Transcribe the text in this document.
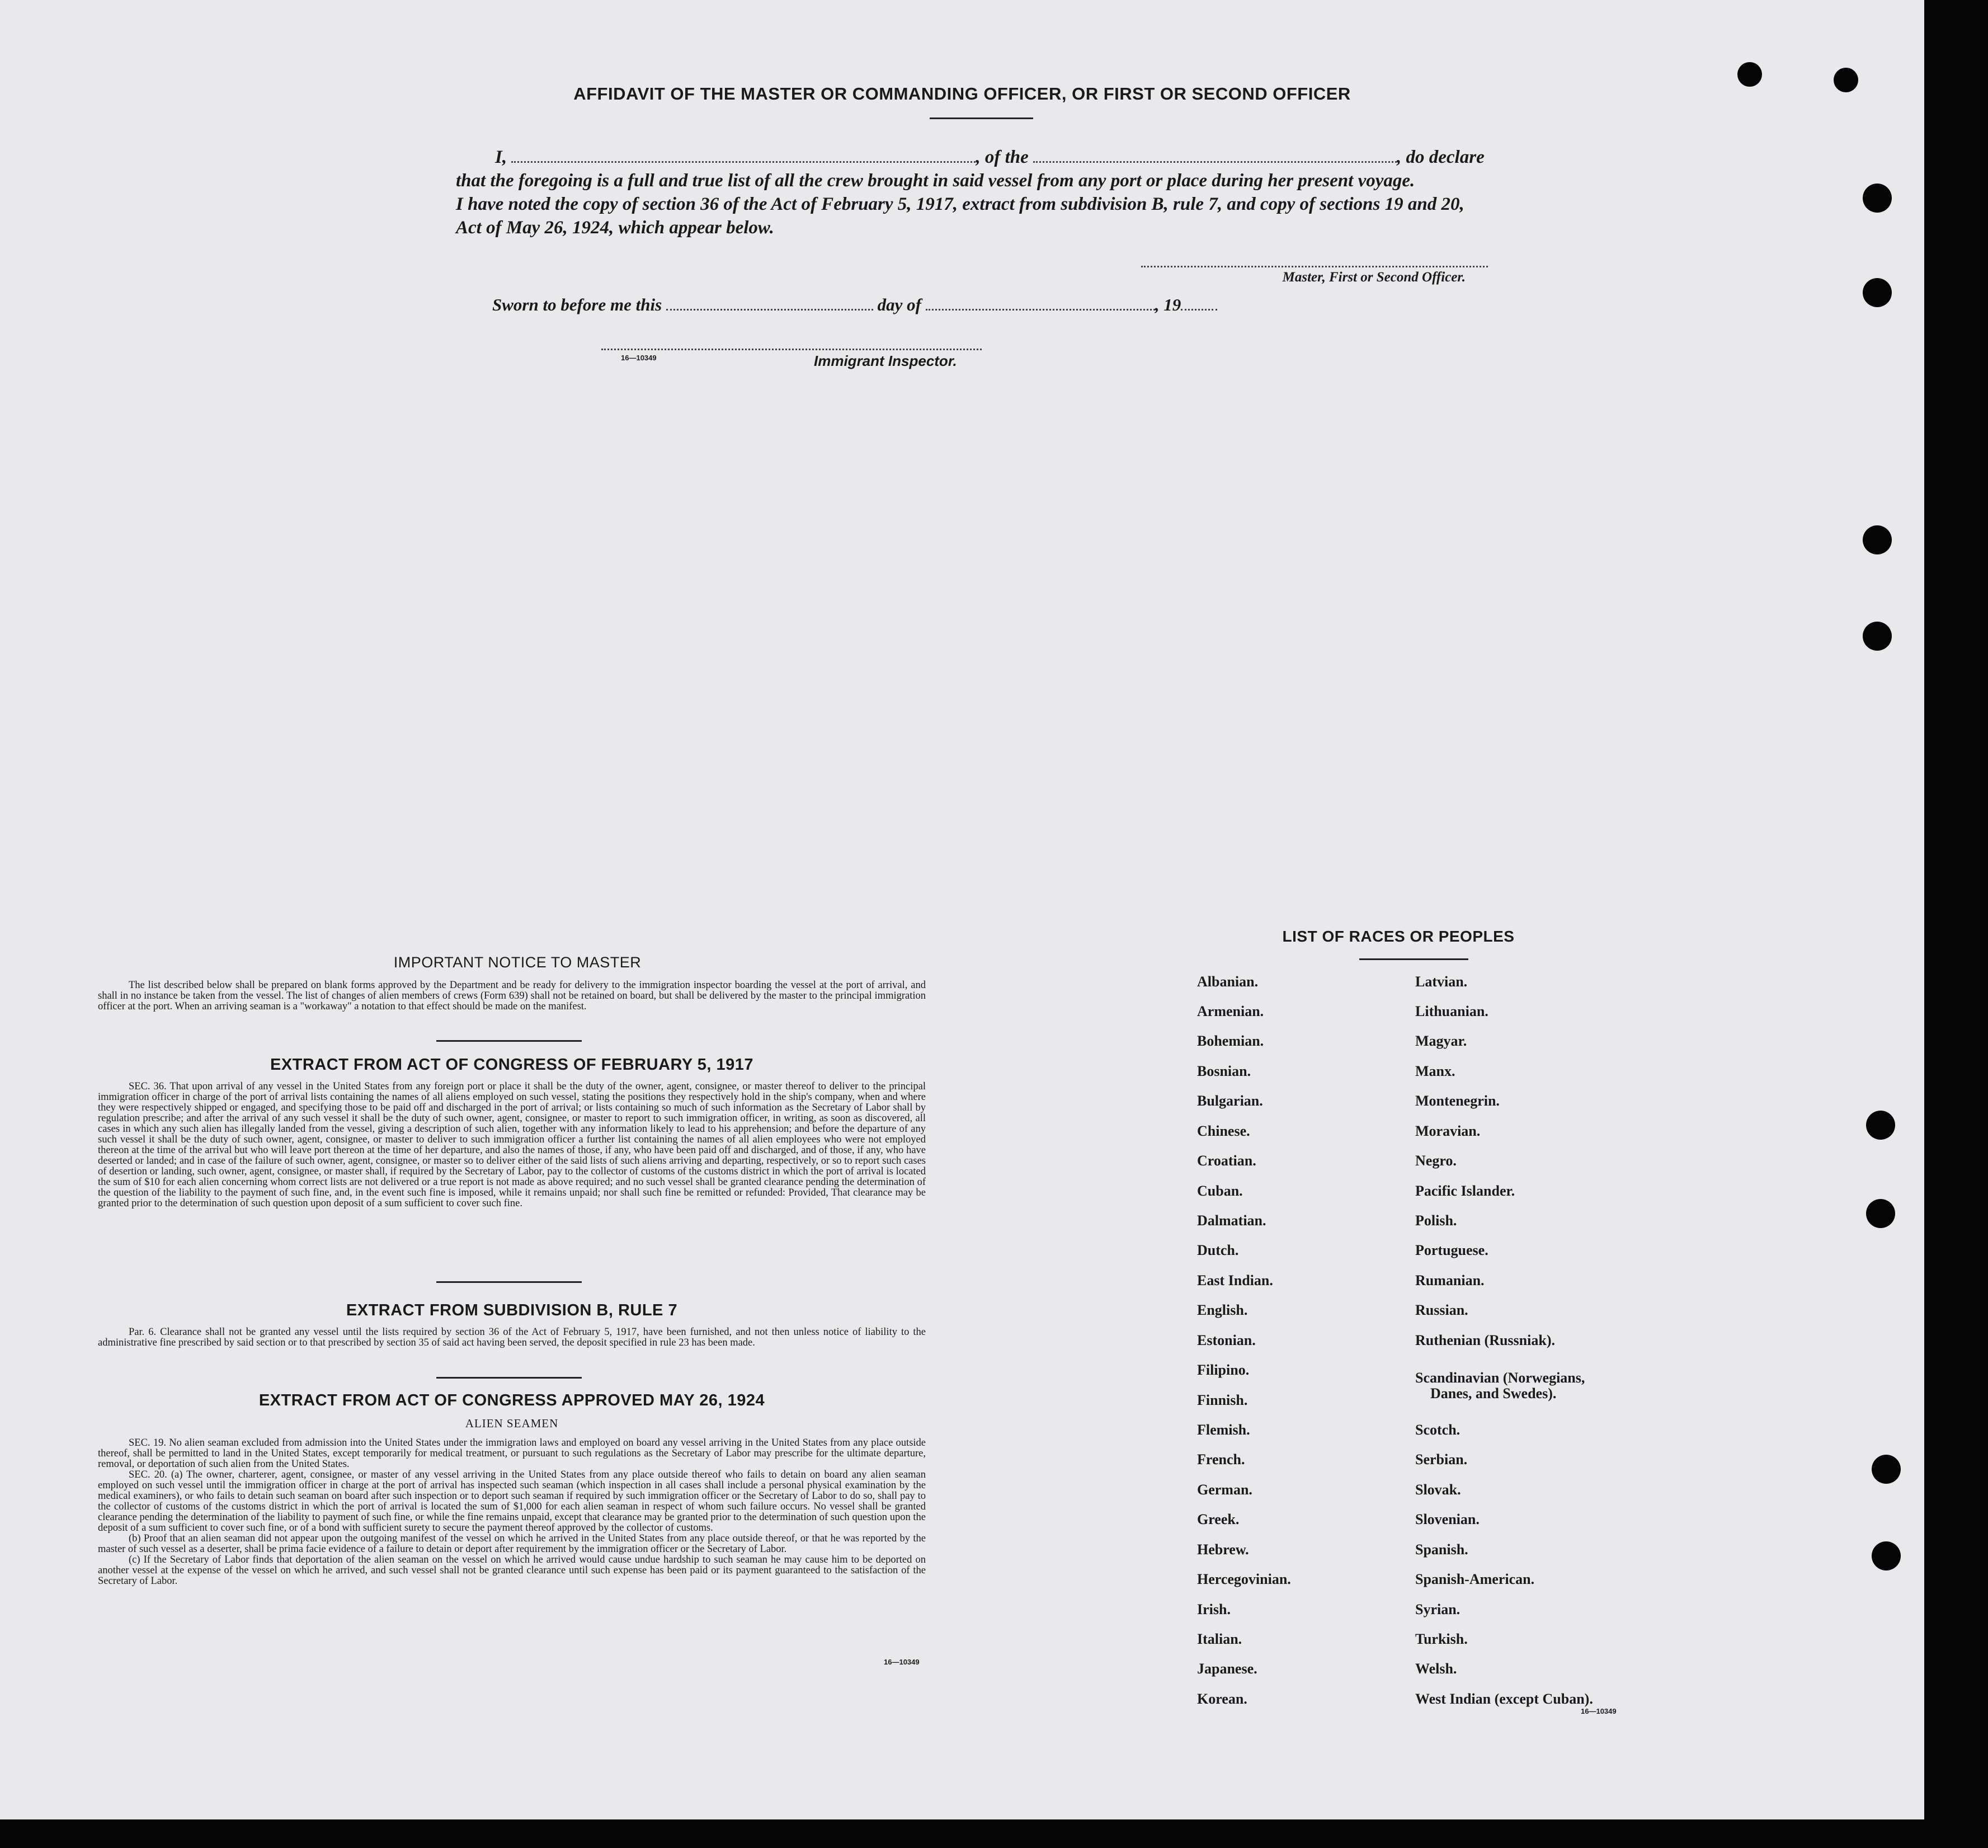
AFFIDAVIT OF THE MASTER OR COMMANDING OFFICER, OR FIRST OR SECOND OFFICER

I,	, of the	, do declare

that the foregoing is a full and true list of all the crew brought in said vessel from any port or place during her present voyage.

I have noted the copy of section 36 of the Act of February 5, 1917, extract from subdivision B, rule 7, and copy of sections 19 and 20,

Act of May 26, 1924, which appear below.

Master, First or Second Officer.
Sworn to before me this	day of	, 19
16—10349	Immigrant Inspector.
IMPORTANT NOTICE TO MASTER

The list described below shall be prepared on blank forms approved by the Department and be ready for delivery to the immigration inspector boarding the vessel at the port of arrival, and shall in no instance be taken from the vessel. The list of changes of alien members of crews (Form 639) shall not be retained on board, but shall be delivered by the master to the principal immigration officer at the port. When an arriving seaman is a "workaway" a notation to that effect should be made on the manifest.

EXTRACT FROM ACT OF CONGRESS OF FEBRUARY 5, 1917

SEC. 36. That upon arrival of any vessel in the United States from any foreign port or place it shall be the duty of the owner, agent, consignee, or master thereof to deliver to the principal immigration officer in charge of the port of arrival lists containing the names of all aliens employed on such vessel, stating the positions they respectively hold in the ship's company, when and where they were respectively shipped or engaged, and specifying those to be paid off and discharged in the port of arrival; or lists containing so much of such information as the Secretary of Labor shall by regulation prescribe; and after the arrival of any such vessel it shall be the duty of such owner, agent, consignee, or master to report to such immigration officer, in writing, as soon as discovered, all cases in which any such alien has illegally landed from the vessel, giving a description of such alien, together with any information likely to lead to his apprehension; and before the departure of any such vessel it shall be the duty of such owner, agent, consignee, or master to deliver to such immigration officer a further list containing the names of all alien employees who were not employed thereon at the time of the arrival but who will leave port thereon at the time of her departure, and also the names of those, if any, who have been paid off and discharged, and of those, if any, who have deserted or landed; and in case of the failure of such owner, agent, consignee, or master so to deliver either of the said lists of such aliens arriving and departing, respectively, or so to report such cases of desertion or landing, such owner, agent, consignee, or master shall, if required by the Secretary of Labor, pay to the collector of customs of the customs district in which the port of arrival is located the sum of $10 for each alien concerning whom correct lists are not delivered or a true report is not made as above required; and no such vessel shall be granted clearance pending the determination of the question of the liability to the payment of such fine, and, in the event such fine is imposed, while it remains unpaid; nor shall such fine be remitted or refunded: Provided, That clearance may be granted prior to the determination of such question upon deposit of a sum sufficient to cover such fine.

EXTRACT FROM SUBDIVISION B, RULE 7

Par. 6. Clearance shall not be granted any vessel until the lists required by section 36 of the Act of February 5, 1917, have been furnished, and not then unless notice of liability to the administrative fine prescribed by said section or to that prescribed by section 35 of said act having been served, the deposit specified in rule 23 has been made.

EXTRACT FROM ACT OF CONGRESS APPROVED MAY 26, 1924
ALIEN SEAMEN

SEC. 19. No alien seaman excluded from admission into the United States under the immigration laws and employed on board any vessel arriving in the United States from any place outside thereof, shall be permitted to land in the United States, except temporarily for medical treatment, or pursuant to such regulations as the Secretary of Labor may prescribe for the ultimate departure, removal, or deportation of such alien from the United States.

SEC. 20. (a) The owner, charterer, agent, consignee, or master of any vessel arriving in the United States from any place outside thereof who fails to detain on board any alien seaman employed on such vessel until the immigration officer in charge at the port of arrival has inspected such seaman (which inspection in all cases shall include a personal physical examination by the medical examiners), or who fails to detain such seaman on board after such inspection or to deport such seaman if required by such immigration officer or the Secretary of Labor to do so, shall pay to the collector of customs of the customs district in which the port of arrival is located the sum of $1,000 for each alien seaman in respect of whom such failure occurs. No vessel shall be granted clearance pending the determination of the liability to payment of such fine, or while the fine remains unpaid, except that clearance may be granted prior to the determination of such question upon the deposit of a sum sufficient to cover such fine, or of a bond with sufficient surety to secure the payment thereof approved by the collector of customs.

(b) Proof that an alien seaman did not appear upon the outgoing manifest of the vessel on which he arrived in the United States from any place outside thereof, or that he was reported by the master of such vessel as a deserter, shall be prima facie evidence of a failure to detain or deport after requirement by the immigration officer or the Secretary of Labor.

(c) If the Secretary of Labor finds that deportation of the alien seaman on the vessel on which he arrived would cause undue hardship to such seaman he may cause him to be deported on another vessel at the expense of the vessel on which he arrived, and such vessel shall not be granted clearance until such expense has been paid or its payment guaranteed to the satisfaction of the Secretary of Labor.

16—10349
LIST OF RACES OR PEOPLES
Albanian.
Armenian.
Bohemian.
Bosnian.
Bulgarian.
Chinese.
Croatian.
Cuban.
Dalmatian.
Dutch.
East Indian.
English.
Estonian.
Filipino.
Finnish.
Flemish.
French.
German.
Greek.
Hebrew.
Hercegovinian.
Irish.
Italian.
Japanese.
Korean.
Latvian.
Lithuanian.
Magyar.
Manx.
Montenegrin.
Moravian.
Negro.
Pacific Islander.
Polish.
Portuguese.
Rumanian.
Russian.
Ruthenian (Russniak).
Scandinavian (Norwegians,
Danes, and Swedes).
Scotch.
Serbian.
Slovak.
Slovenian.
Spanish.
Spanish-American.
Syrian.
Turkish.
Welsh.
West Indian (except Cuban).
16—10349
